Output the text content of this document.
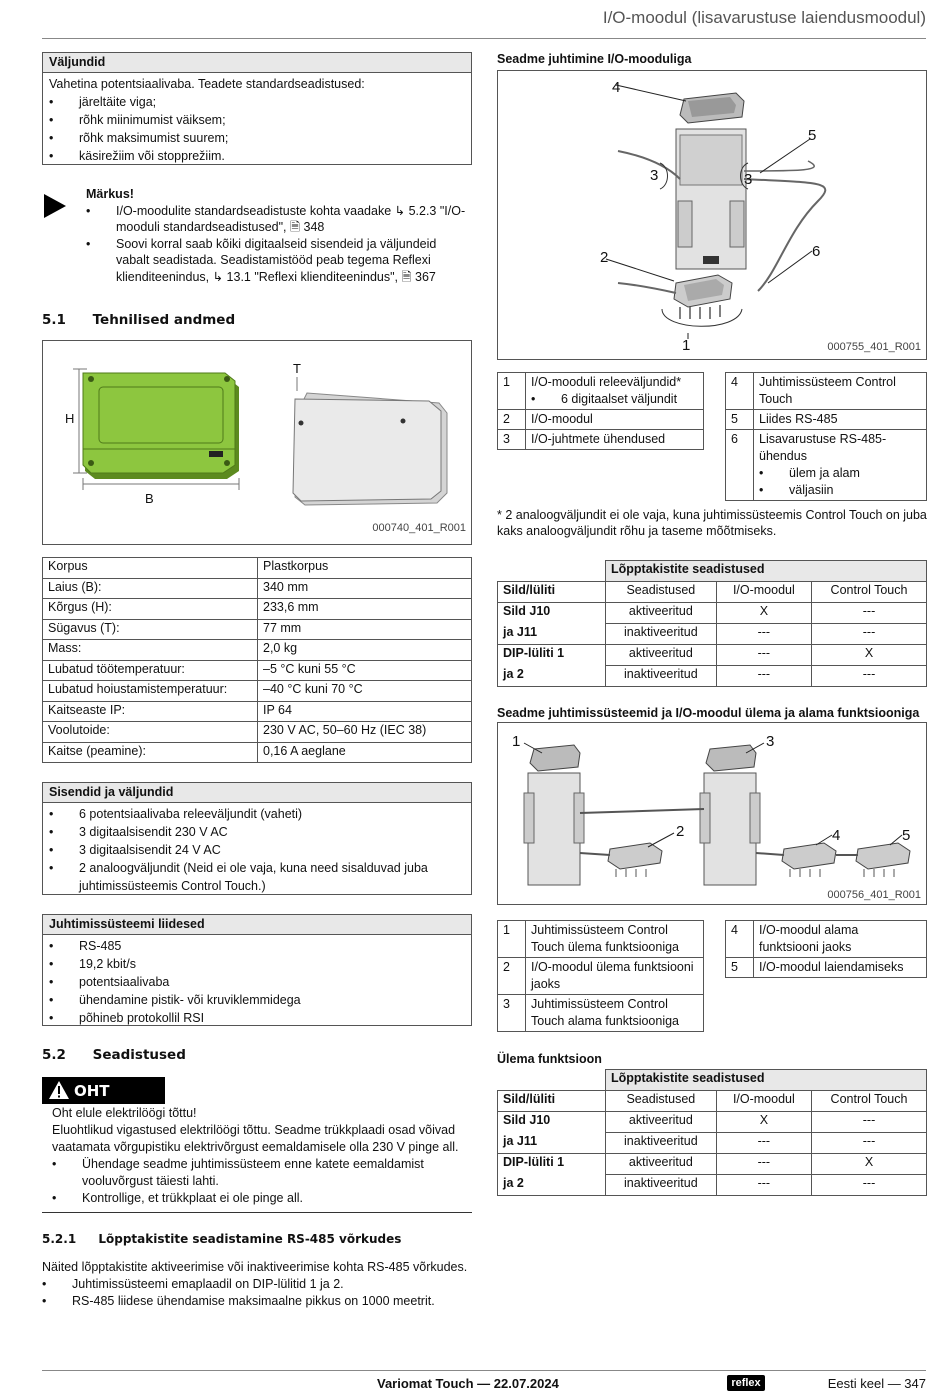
I/O-moodul (lisavarustuse laiendusmoodul)
Väljundid
Vahetina potentsiaalivaba. Teadete standardseadistused:
•	järeltäite viga;
•	rõhk miinimumist väiksem;
•	rõhk maksimumist suurem;
•	käsirežiim või stopprežiim.
Märkus!
•	I/O-moodulite standardseadistuste kohta vaadake ↳ 5.2.3 "I/O-mooduli standardseadistused", 🗎 348
•	Soovi korral saab kõiki digitaalseid sisendeid ja väljundeid vabalt seadistada. Seadistamistööd peab tegema Reflexi klienditeenindus, ↳ 13.1 "Reflexi klienditeenindus", 🗎 367
5.1 Tehnilised andmed
H
B
T
000740_401_R001
Korpus	Plastkorpus
Laius (B):	340 mm
Kõrgus (H):	233,6 mm
Sügavus (T):	77 mm
Mass:	2,0 kg
Lubatud töötemperatuur:	–5 °C kuni 55 °C
Lubatud hoiustamistemperatuur:	–40 °C kuni 70 °C
Kaitseaste IP:	IP 64
Voolutoide:	230 V AC, 50–60 Hz (IEC 38)
Kaitse (peamine):	0,16 A aeglane
Sisendid ja väljundid
•	6 potentsiaalivaba releeväljundit (vaheti)
•	3 digitaalsisendit 230 V AC
•	3 digitaalsisendit 24 V AC
•	2 analoogväljundit (Neid ei ole vaja, kuna need sisalduvad juba juhtimissüsteemis Control Touch.)
Juhtimissüsteemi liidesed
•	RS-485
•	19,2 kbit/s
•	potentsiaalivaba
•	ühendamine pistik- või kruviklemmidega
•	põhineb protokollil RSI
5.2 Seadistused
OHT
Oht elule elektrilöögi tõttu!
Eluohtlikud vigastused elektrilöögi tõttu. Seadme trükkplaadi osad võivad vaatamata võrgupistiku elektrivõrgust eemaldamisele olla 230 V pinge all.
•	Ühendage seadme juhtimissüsteem enne katete eemaldamist vooluvõrgust täiesti lahti.
•	Kontrollige, et trükkplaat ei ole pinge all.
5.2.1 Lõpptakistite seadistamine RS-485 võrkudes
Näited lõpptakistite aktiveerimise või inaktiveerimise kohta RS-485 võrkudes.
•	Juhtimissüsteemi emaplaadil on DIP-lülitid 1 ja 2.
•	RS-485 liidese ühendamise maksimaalne pikkus on 1000 meetrit.
Seadme juhtimine I/O-mooduliga
4
5
3	3
6
2
1	000755_401_R001
1	I/O-mooduli releeväljundid*
• 6 digitaalset väljundit

2	I/O-moodul

3	I/O-juhtmete ühendused
4	Juhtimissüsteem Control Touch

5	Liides RS-485

6	Lisavarustuse RS-485-ühendus
• ülem ja alam
• väljasiin
* 2 analoogväljundit ei ole vaja, kuna juhtimissüsteemis Control Touch on juba kaks analoogväljundit rõhu ja taseme mõõtmiseks.
	Lõpptakistite seadistused		
Sild/lüliti	Seadistused	I/O-moodul	Control Touch
Sild J10	aktiveeritud	X	---
ja J11	inaktiveeritud	---	---
DIP-lüliti 1	aktiveeritud	---	X
ja 2	inaktiveeritud	---	---
Seadme juhtimissüsteemid ja I/O-moodul ülema ja alama funktsiooniga
1	3
2	4	5
000756_401_R001
1	Juhtimissüsteem Control Touch ülema funktsiooniga

2	I/O-moodul ülema funktsiooni jaoks

3	Juhtimissüsteem Control Touch alama funktsiooniga
4	I/O-moodul alama funktsiooni jaoks

5	I/O-moodul laiendamiseks
Ülema funktsioon
	Lõpptakistite seadistused		
Sild/lüliti	Seadistused	I/O-moodul	Control Touch
Sild J10	aktiveeritud	X	---
ja J11	inaktiveeritud	---	---
DIP-lüliti 1	aktiveeritud	---	X
ja 2	inaktiveeritud	---	---
Variomat Touch — 22.07.2024	reflex	Eesti keel — 347
